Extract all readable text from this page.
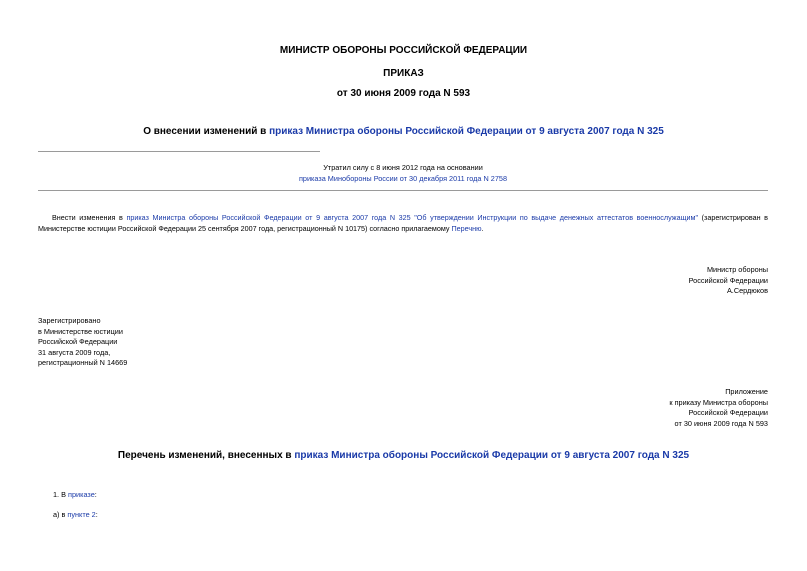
МИНИСТР ОБОРОНЫ РОССИЙСКОЙ ФЕДЕРАЦИИ
ПРИКАЗ
от 30 июня 2009 года N 593
О внесении изменений в приказ Министра обороны Российской Федерации от 9 августа 2007 года N 325
Утратил силу с 8 июня 2012 года на основании
приказа Минобороны России от 30 декабря 2011 года N 2758

Внести изменения в приказ Министра обороны Российской Федерации от 9 августа 2007 года N 325 "Об утверждении Инструкции по выдаче денежных аттестатов военнослужащим" (зарегистрирован в Министерстве юстиции Российской Федерации 25 сентября 2007 года, регистрационный N 10175) согласно прилагаемому Перечню.

Министр обороны
Российской Федерации
А.Сердюков
Зарегистрировано
в Министерстве юстиции
Российской Федерации
31 августа 2009 года,
регистрационный N 14669
Приложение
к приказу Министра обороны
Российской Федерации
от 30 июня 2009 года N 593
Перечень изменений, внесенных в приказ Министра обороны Российской Федерации от 9 августа 2007 года N 325
1. В приказе:
а) в пункте 2:
